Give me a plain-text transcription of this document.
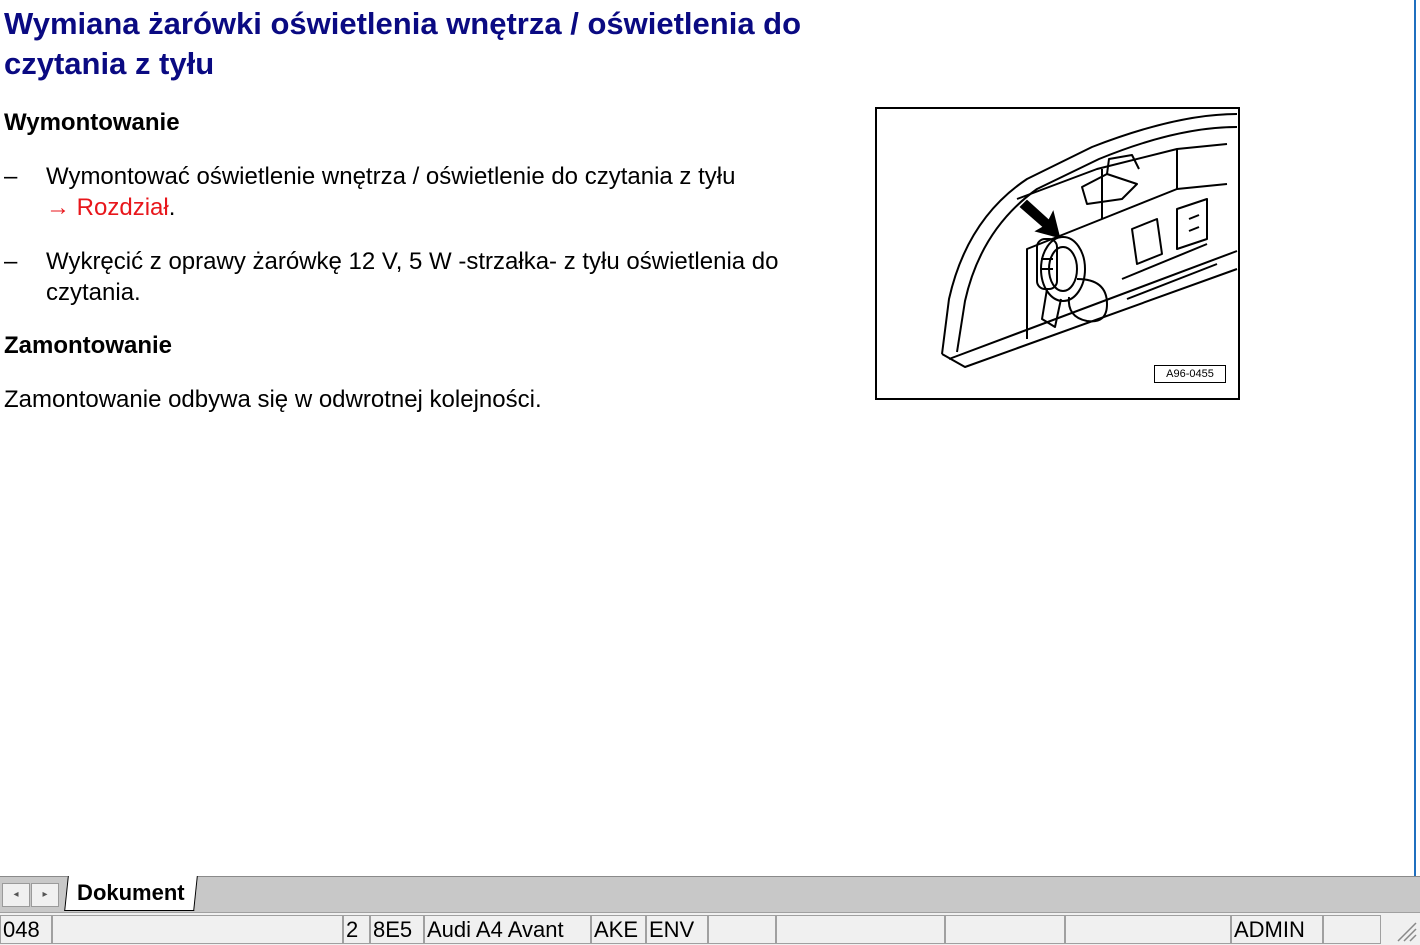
Wymiana żarówki oświetlenia wnętrza / oświetlenia do czytania z tyłu
Wymontowanie
– Wymontować oświetlenie wnętrza / oświetlenie do czytania z tyłu
→ Rozdział.
– Wykręcić z oprawy żarówkę 12 V, 5 W -strzałka- z tyłu oświetlenia do czytania.
Zamontowanie

Zamontowanie odbywa się w odwrotnej kolejności.

A96-0455
◂	▸	Dokument
048	2 8E5 Audi A4 Avant	AKE ENV	ADMIN
